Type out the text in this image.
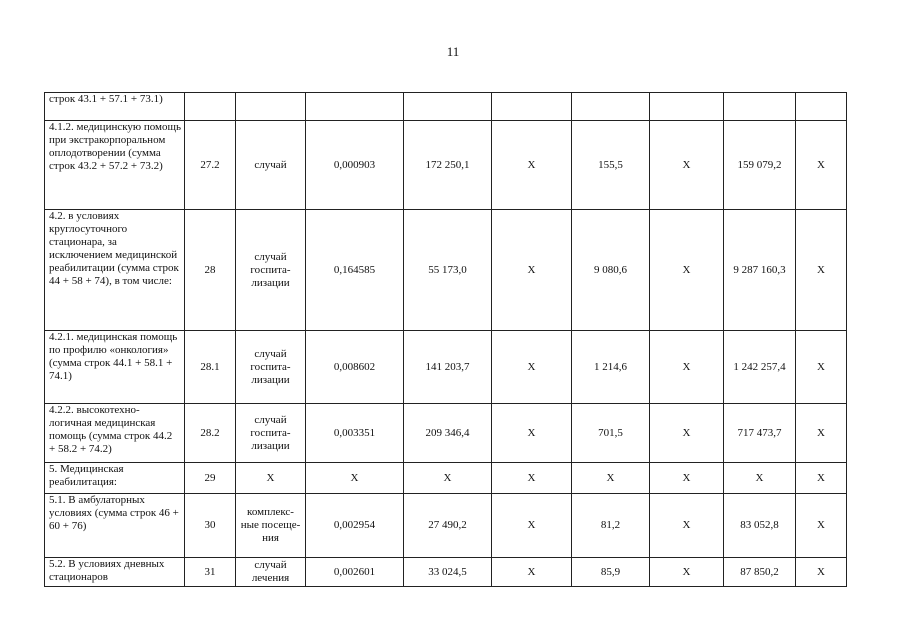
11
строк 43.1 + 57.1 + 73.1)									
4.1.2. медицинскую помощь при экстракорпоральном оплодотворении (сумма строк 43.2 + 57.2 + 73.2)	27.2	случай	0,000903	172 250,1	X	155,5	X	159 079,2	X
4.2. в условиях круглосуточного стационара, за исключением медицинской реабилитации (сумма строк 44 + 58 + 74), в том числе:	28	случай госпита-лизации	0,164585	55 173,0	X	9 080,6	X	9 287 160,3	X
4.2.1. медицинская помощь по профилю «онкология» (сумма строк 44.1 + 58.1 + 74.1)	28.1	случай госпита-лизации	0,008602	141 203,7	X	1 214,6	X	1 242 257,4	X
4.2.2. высокотехно-логичная медицинская помощь (сумма строк 44.2 + 58.2 + 74.2)	28.2	случай госпита-лизации	0,003351	209 346,4	X	701,5	X	717 473,7	X
5. Медицинская реабилитация:	29	X	X	X	X	X	X	X	X
5.1. В амбулаторных условиях (сумма строк 46 + 60 + 76)	30	комплекс-ные посеще-ния	0,002954	27 490,2	X	81,2	X	83 052,8	X
5.2. В условиях дневных стационаров	31	случай лечения	0,002601	33 024,5	X	85,9	X	87 850,2	X
